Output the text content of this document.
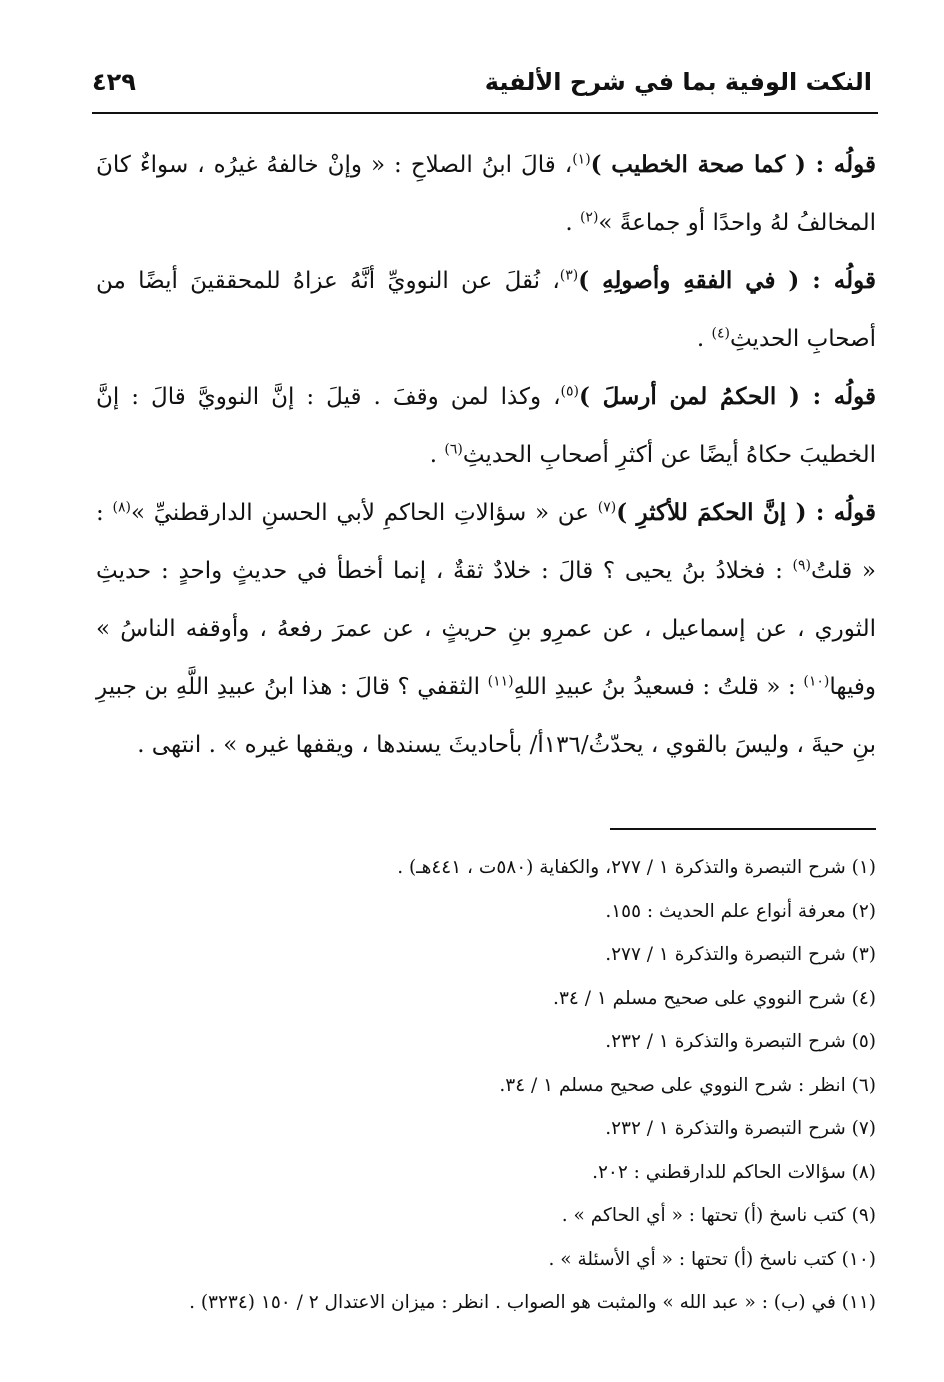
النكت الوفية بما في شرح الألفية
٤٢٩

قولُه : ( كما صحة الخطيب )$^{(١)}$، قالَ ابنُ الصلاحِ : « وإنْ خالفهُ غيرُه ، سواءٌ كانَ المخالفُ لهُ واحدًا أو جماعةً »$^{(٢)}$ .

قولُه : ( في الفقهِ وأصولِهِ )$^{(٣)}$، نُقلَ عن النوويِّ أنَّهُ عزاهُ للمحققينَ أيضًا من أصحابِ الحديثِ$^{(٤)}$ .

قولُه : ( الحكمُ لمن أرسلَ )$^{(٥)}$، وكذا لمن وقفَ . قيلَ : إنَّ النوويَّ قالَ : إنَّ الخطيبَ حكاهُ أيضًا عن أكثرِ أصحابِ الحديثِ$^{(٦)}$ .

قولُه : ( إنَّ الحكمَ للأكثرِ )$^{(٧)}$ عن « سؤالاتِ الحاكمِ لأبي الحسنِ الدارقطنيِّ »$^{(٨)}$ : « قلتُ$^{(٩)}$ : فخلادُ بنُ يحيى ؟ قالَ : خلادٌ ثقةٌ ، إنما أخطأ في حديثٍ واحدٍ : حديثِ الثوري ، عن إسماعيل ، عن عمرِو بنِ حريثٍ ، عن عمرَ رفعهُ ، وأوقفه الناسُ » وفيها$^{(١٠)}$ : « قلتُ : فسعيدُ بنُ عبيدِ اللهِ$^{(١١)}$ الثقفي ؟ قالَ : هذا ابنُ عبيدِ اللَّهِ بن جبيرِ بنِ حيةَ ، وليسَ بالقوي ، يحدّثُ/١٣٦أ/ بأحاديثَ يسندها ، ويقفها غيره » . انتهى .

(١) شرح التبصرة والتذكرة ١ / ٢٧٧، والكفاية (٥٨٠ت ، ٤٤١هـ) .

(٢) معرفة أنواع علم الحديث : ١٥٥.

(٣) شرح التبصرة والتذكرة ١ / ٢٧٧.

(٤) شرح النووي على صحيح مسلم ١ / ٣٤.

(٥) شرح التبصرة والتذكرة ١ / ٢٣٢.

(٦) انظر : شرح النووي على صحيح مسلم ١ / ٣٤.

(٧) شرح التبصرة والتذكرة ١ / ٢٣٢.

(٨) سؤالات الحاكم للدارقطني : ٢٠٢.

(٩) كتب ناسخ (أ) تحتها : « أي الحاكم » .

(١٠) كتب ناسخ (أ) تحتها : « أي الأسئلة » .

(١١) في (ب) : « عبد الله » والمثبت هو الصواب . انظر : ميزان الاعتدال ٢ / ١٥٠ (٣٢٣٤) .
